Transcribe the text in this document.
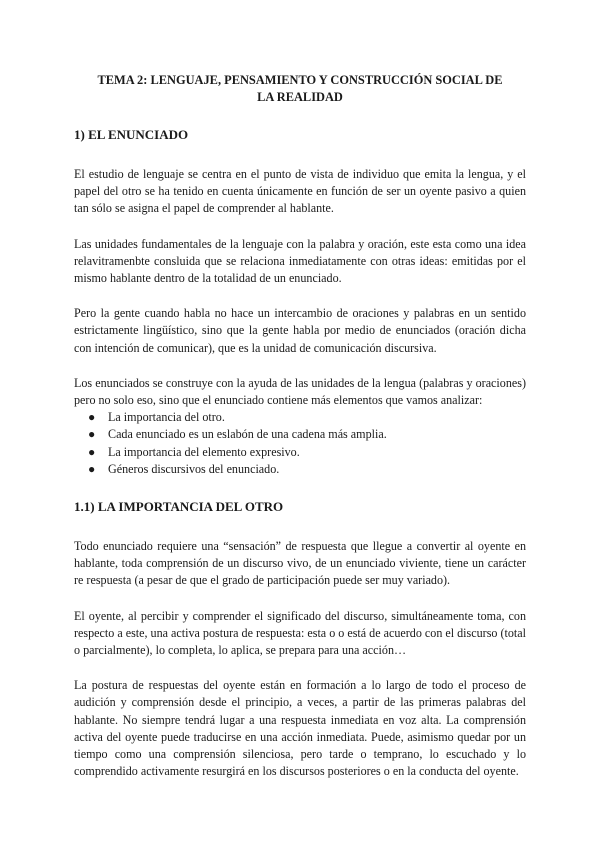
TEMA 2: LENGUAJE, PENSAMIENTO Y CONSTRUCCIÓN SOCIAL DE LA REALIDAD
1) EL ENUNCIADO

El estudio de lenguaje se centra en el punto de vista de individuo que emita la lengua, y el papel del otro se ha tenido en cuenta únicamente en función de ser un oyente pasivo a quien tan sólo se asigna el papel de comprender al hablante.

Las unidades fundamentales de la lenguaje con la palabra y oración, este esta como una idea relavitramenbte consluida que se relaciona inmediatamente con otras ideas: emitidas por el mismo hablante dentro de la totalidad de un enunciado.

Pero la gente cuando habla no hace un intercambio de oraciones y palabras en un sentido estrictamente lingüístico, sino que la gente habla por medio de enunciados (oración dicha con intención de comunicar), que es la unidad de comunicación discursiva.

Los enunciados se construye con la ayuda de las unidades de la lengua (palabras y oraciones) pero no solo eso, sino que el enunciado contiene más elementos que vamos analizar:

● La importancia del otro.
● Cada enunciado es un eslabón de una cadena más amplia.
● La importancia del elemento expresivo.
● Géneros discursivos del enunciado.
1.1) LA IMPORTANCIA DEL OTRO

Todo enunciado requiere una “sensación” de respuesta que llegue a convertir al oyente en hablante, toda comprensión de un discurso vivo, de un enunciado viviente, tiene un carácter re respuesta (a pesar de que el grado de participación puede ser muy variado).

El oyente, al percibir y comprender el significado del discurso, simultáneamente toma, con respecto a este, una activa postura de respuesta: esta o o está de acuerdo con el discurso (total o parcialmente), lo completa, lo aplica, se prepara para una acción…

La postura de respuestas del oyente están en formación a lo largo de todo el proceso de audición y comprensión desde el principio, a veces, a partir de las primeras palabras del hablante. No siempre tendrá lugar a una respuesta inmediata en voz alta. La comprensión activa del oyente puede traducirse en una acción inmediata. Puede, asimismo quedar por un tiempo como una comprensión silenciosa, pero tarde o temprano, lo escuchado y lo comprendido activamente resurgirá en los discursos posteriores o en la conducta del oyente.
